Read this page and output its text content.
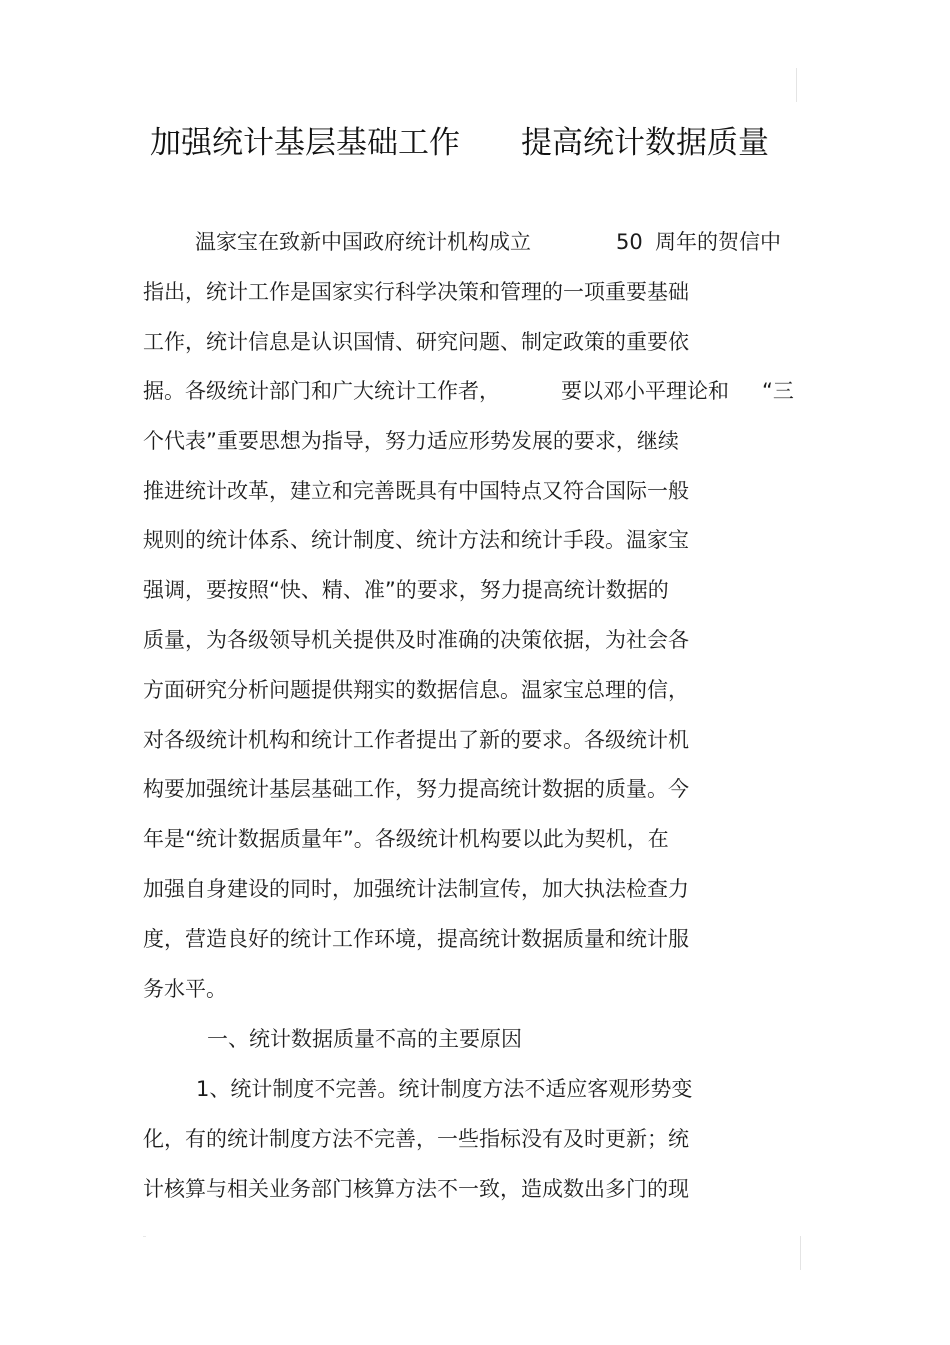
加强统计基层基础工作 提高统计数据质量
温家宝在致新中国政府统计机构成立	50 周年的贺信中
指出，统计工作是国家实行科学决策和管理的一项重要基础
工作，统计信息是认识国情、研究问题、制定政策的重要依
据。各级统计部门和广大统计工作者，	要以邓小平理论和 “三
个代表”重要思想为指导，努力适应形势发展的要求，继续
推进统计改革，建立和完善既具有中国特点又符合国际一般
规则的统计体系、统计制度、统计方法和统计手段。温家宝
强调，要按照“快、精、准”的要求，努力提高统计数据的
质量，为各级领导机关提供及时准确的决策依据，为社会各
方面研究分析问题提供翔实的数据信息。温家宝总理的信，
对各级统计机构和统计工作者提出了新的要求。各级统计机
构要加强统计基层基础工作，努力提高统计数据的质量。今
年是“统计数据质量年”。各级统计机构要以此为契机，在
加强自身建设的同时，加强统计法制宣传，加大执法检查力
度，营造良好的统计工作环境，提高统计数据质量和统计服
务水平。
一、统计数据质量不高的主要原因
1、统计制度不完善。统计制度方法不适应客观形势变
化，有的统计制度方法不完善，一些指标没有及时更新；统
计核算与相关业务部门核算方法不一致，造成数出多门的现
